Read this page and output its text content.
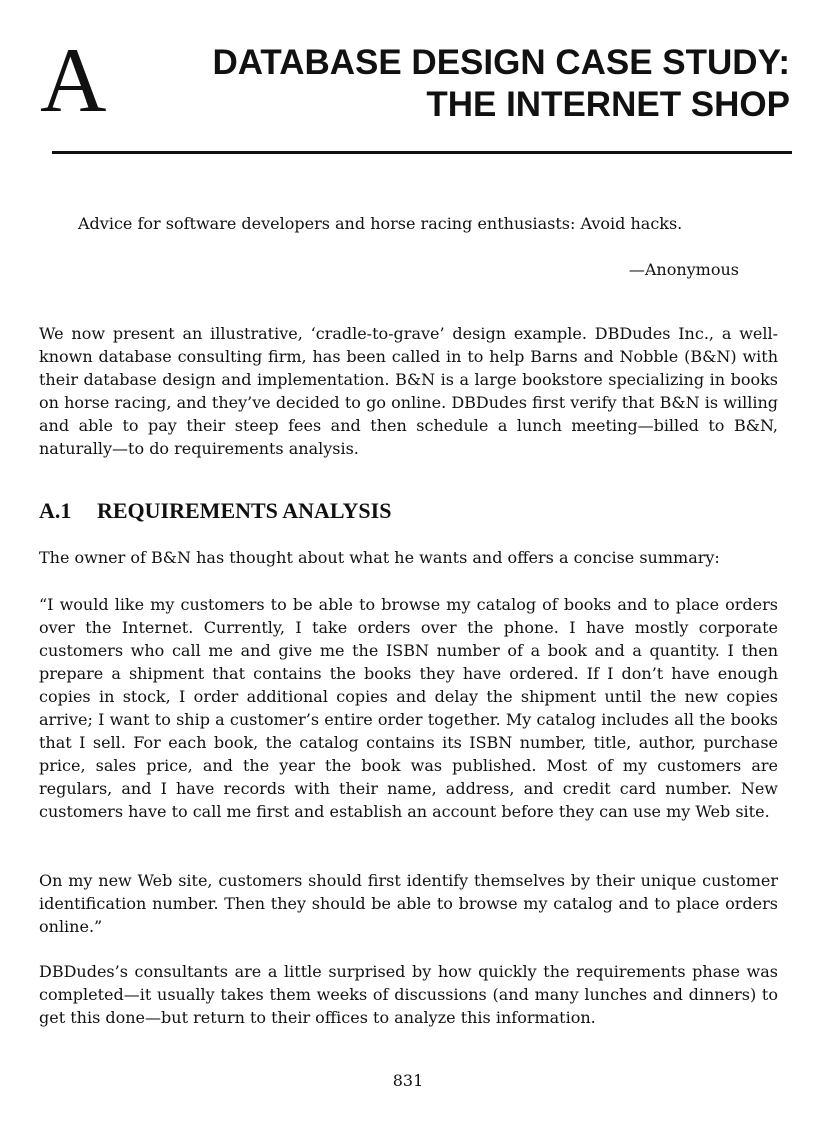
A	DATABASE DESIGN CASE STUDY:
THE INTERNET SHOP
Advice for software developers and horse racing enthusiasts: Avoid hacks.
—Anonymous

We now present an illustrative, ‘cradle-to-grave’ design example. DBDudes Inc., a well-known database consulting firm, has been called in to help Barns and Nobble (B&N) with their database design and implementation. B&N is a large bookstore specializing in books on horse racing, and they’ve decided to go online. DBDudes first verify that B&N is willing and able to pay their steep fees and then schedule a lunch meeting—billed to B&N, naturally—to do requirements analysis.

A.1 REQUIREMENTS ANALYSIS

The owner of B&N has thought about what he wants and offers a concise summary:

“I would like my customers to be able to browse my catalog of books and to place orders over the Internet. Currently, I take orders over the phone. I have mostly corporate customers who call me and give me the ISBN number of a book and a quantity. I then prepare a shipment that contains the books they have ordered. If I don’t have enough copies in stock, I order additional copies and delay the shipment until the new copies arrive; I want to ship a customer’s entire order together. My catalog includes all the books that I sell. For each book, the catalog contains its ISBN number, title, author, purchase price, sales price, and the year the book was published. Most of my customers are regulars, and I have records with their name, address, and credit card number. New customers have to call me first and establish an account before they can use my Web site.

On my new Web site, customers should first identify themselves by their unique customer identification number. Then they should be able to browse my catalog and to place orders online.”

DBDudes’s consultants are a little surprised by how quickly the requirements phase was completed—it usually takes them weeks of discussions (and many lunches and dinners) to get this done—but return to their offices to analyze this information.

831
